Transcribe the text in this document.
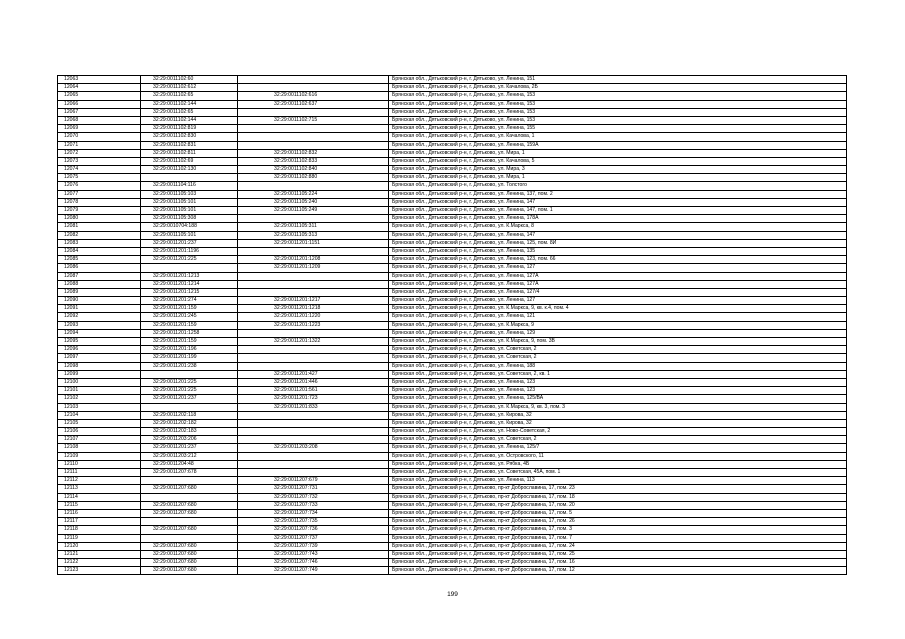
12063	32:29:0011102:60		Брянская обл., Дятьковский р-н, г. Дятьково, ул. Ленина, 151
12064	32:29:0011102:612		Брянская обл., Дятьковский р-н, г. Дятьково, ул. Качалова, 2Б
12065	32:29:0011102:65	32:29:0011102:616	Брянская обл., Дятьковский р-н, г. Дятьково, ул. Ленина, 153
12066	32:29:0011102:144	32:29:0011102:637	Брянская обл., Дятьковский р-н, г. Дятьково, ул. Ленина, 153
12067	32:29:0011102:65		Брянская обл., Дятьковский р-н, г. Дятьково, ул. Ленина, 153
12068	32:29:0011102:144	32:29:0011102:715	Брянская обл., Дятьковский р-н, г. Дятьково, ул. Ленина, 153
12069	32:29:0011102:819		Брянская обл., Дятьковский р-н, г. Дятьково, ул. Ленина, 155
12070	32:29:0011102:830		Брянская обл., Дятьковский р-н, г. Дятьково, ул. Качалова, 1
12071	32:29:0011102:831		Брянская обл., Дятьковский р-н, г. Дятьково, ул. Ленина, 159А
12072	32:29:0011102:811	32:29:0011102:832	Брянская обл., Дятьковский р-н, г. Дятьково, ул. Мира, 1
12073	32:29:0011102:69	32:29:0011102:833	Брянская обл., Дятьковский р-н, г. Дятьково, ул. Качалова, 5
12074	32:29:0011102:130	32:29:0011102:840	Брянская обл., Дятьковский р-н, г. Дятьково, ул. Мира, 3
12075		32:29:0011102:880	Брянская обл., Дятьковский р-н, г. Дятьково, ул. Мира, 1
12076	32:29:0011104:116		Брянская обл., Дятьковский р-н, г. Дятьково, ул. Толстого
12077	32:29:0011105:103	32:29:0011105:224	Брянская обл., Дятьковский р-н, г. Дятьково, ул. Ленина, 137, пом. 2
12078	32:29:0011105:101	32:29:0011105:240	Брянская обл., Дятьковский р-н, г. Дятьково, ул. Ленина, 147
12079	32:29:0011105:101	32:29:0011105:249	Брянская обл., Дятьковский р-н, г. Дятьково, ул. Ленина, 147, пом. 1
12080	32:29:0011105:308		Брянская обл., Дятьковский р-н, г. Дятьково, ул. Ленина, 178А
12081	32:29:0010704:188	32:29:0011105:311	Брянская обл., Дятьковский р-н, г. Дятьково, ул. К.Маркса, 8
12082	32:29:0011105:101	32:29:0011105:313	Брянская обл., Дятьковский р-н, г. Дятьково, ул. Ленина, 147
12083	32:29:0011201:237	32:29:0011201:1151	Брянская обл., Дятьковский р-н, г. Дятьково, ул. Ленина, 125, пом. 8И
12084	32:29:0011201:1196		Брянская обл., Дятьковский р-н, г. Дятьково, ул. Ленина, 135
12085	32:29:0011201:225	32:29:0011201:1208	Брянская обл., Дятьковский р-н, г. Дятьково, ул. Ленина, 123, пом. 66
12086		32:29:0011201:1209	Брянская обл., Дятьковский р-н, г. Дятьково, ул. Ленина, 127
12087	32:29:0011201:1213		Брянская обл., Дятьковский р-н, г. Дятьково, ул. Ленина, 127А
12088	32:29:0011201:1214		Брянская обл., Дятьковский р-н, г. Дятьково, ул. Ленина, 127А
12089	32:29:0011201:1215		Брянская обл., Дятьковский р-н, г. Дятьково, ул. Ленина, 127/4
12090	32:29:0011201:274	32:29:0011201:1217	Брянская обл., Дятьковский р-н, г. Дятьково, ул. Ленина, 127
12091	32:29:0011201:159	32:29:0011201:1218	Брянская обл., Дятьковский р-н, г. Дятьково, ул. К.Маркса, 9, кв. к.4, пом. 4
12092	32:29:0011201:245	32:29:0011201:1220	Брянская обл., Дятьковский р-н, г. Дятьково, ул. Ленина, 121
12093	32:29:0011201:159	32:29:0011201:1223	Брянская обл., Дятьковский р-н, г. Дятьково, ул. К.Маркса, 9
12094	32:29:0011201:1258		Брянская обл., Дятьковский р-н, г. Дятьково, ул. Ленина, 129
12095	32:29:0011201:159	32:29:0011201:1322	Брянская обл., Дятьковский р-н, г. Дятьково, ул. К.Маркса, 9, пом. 3В
12096	32:29:0011201:196		Брянская обл., Дятьковский р-н, г. Дятьково, ул. Советская, 2
12097	32:29:0011201:199		Брянская обл., Дятьковский р-н, г. Дятьково, ул. Советская, 2
12098	32:29:0011201:238		Брянская обл., Дятьковский р-н, г. Дятьково, ул. Ленина, 188
12099		32:29:0011201:427	Брянская обл., Дятьковский р-н, г. Дятьково, ул. Советская, 2, кв. 1
12100	32:29:0011201:225	32:29:0011201:446	Брянская обл., Дятьковский р-н, г. Дятьково, ул. Ленина, 123
12101	32:29:0011201:225	32:29:0011201:561	Брянская обл., Дятьковский р-н, г. Дятьково, ул. Ленина, 123
12102	32:29:0011201:237	32:29:0011201:723	Брянская обл., Дятьковский р-н, г. Дятьково, ул. Ленина, 125/ВА
12103		32:29:0011201:833	Брянская обл., Дятьковский р-н, г. Дятьково, ул. К.Маркса, 9, кв. 3, пом. 3
12104	32:29:0011202:118		Брянская обл., Дятьковский р-н, г. Дятьково, ул. Кирова, 32
12105	32:29:0011202:182		Брянская обл., Дятьковский р-н, г. Дятьково, ул. Кирова, 32
12106	32:29:0011202:183		Брянская обл., Дятьковский р-н, г. Дятьково, ул. Ново-Советская, 2
12107	32:29:0011203:206		Брянская обл., Дятьковский р-н, г. Дятьково, ул. Советская, 2
12108	32:29:0011201:237	32:29:0011203:208	Брянская обл., Дятьковский р-н, г. Дятьково, ул. Ленина, 125/7
12109	32:29:0011203:212		Брянская обл., Дятьковский р-н, г. Дятьково, ул. Островского, 11
12110	32:29:0011204:48		Брянская обл., Дятьковский р-н, г. Дятьково, ул. Рябка, 4Б
12111	32:29:0011207:678		Брянская обл., Дятьковский р-н, г. Дятьково, ул. Советская, 45А, пом. 1
12112		32:29:0011207:679	Брянская обл., Дятьковский р-н, г. Дятьково, ул. Ленина, 113
12113	32:29:0011207:680	32:29:0011207:731	Брянская обл., Дятьковский р-н, г. Дятьково, пр-кт Доброславина, 17, пом. 23
12114		32:29:0011207:732	Брянская обл., Дятьковский р-н, г. Дятьково, пр-кт Доброславина, 17, пом. 18
12115	32:29:0011207:680	32:29:0011207:733	Брянская обл., Дятьковский р-н, г. Дятьково, пр-кт Доброславина, 17, пом. 20
12116	32:29:0011207:680	32:29:0011207:734	Брянская обл., Дятьковский р-н, г. Дятьково, пр-кт Доброславина, 17, пом. 5
12117		32:29:0011207:735	Брянская обл., Дятьковский р-н, г. Дятьково, пр-кт Доброславина, 17, пом. 26
12118	32:29:0011207:680	32:29:0011207:736	Брянская обл., Дятьковский р-н, г. Дятьково, пр-кт Доброславина, 17, пом. 3
12119		32:29:0011207:737	Брянская обл., Дятьковский р-н, г. Дятьково, пр-кт Доброславина, 17, пом. 7
12120	32:29:0011207:680	32:29:0011207:739	Брянская обл., Дятьковский р-н, г. Дятьково, пр-кт Доброславина, 17, пом. 24
12121	32:29:0011207:680	32:29:0011207:743	Брянская обл., Дятьковский р-н, г. Дятьково, пр-кт Доброславина, 17, пом. 25
12122	32:29:0011207:680	32:29:0011207:746	Брянская обл., Дятьковский р-н, г. Дятьково, пр-кт Доброславина, 17, пом. 16
12123	32:29:0011207:680	32:29:0011207:749	Брянская обл., Дятьковский р-н, г. Дятьково, пр-кт Доброславина, 17, пом. 12
199
